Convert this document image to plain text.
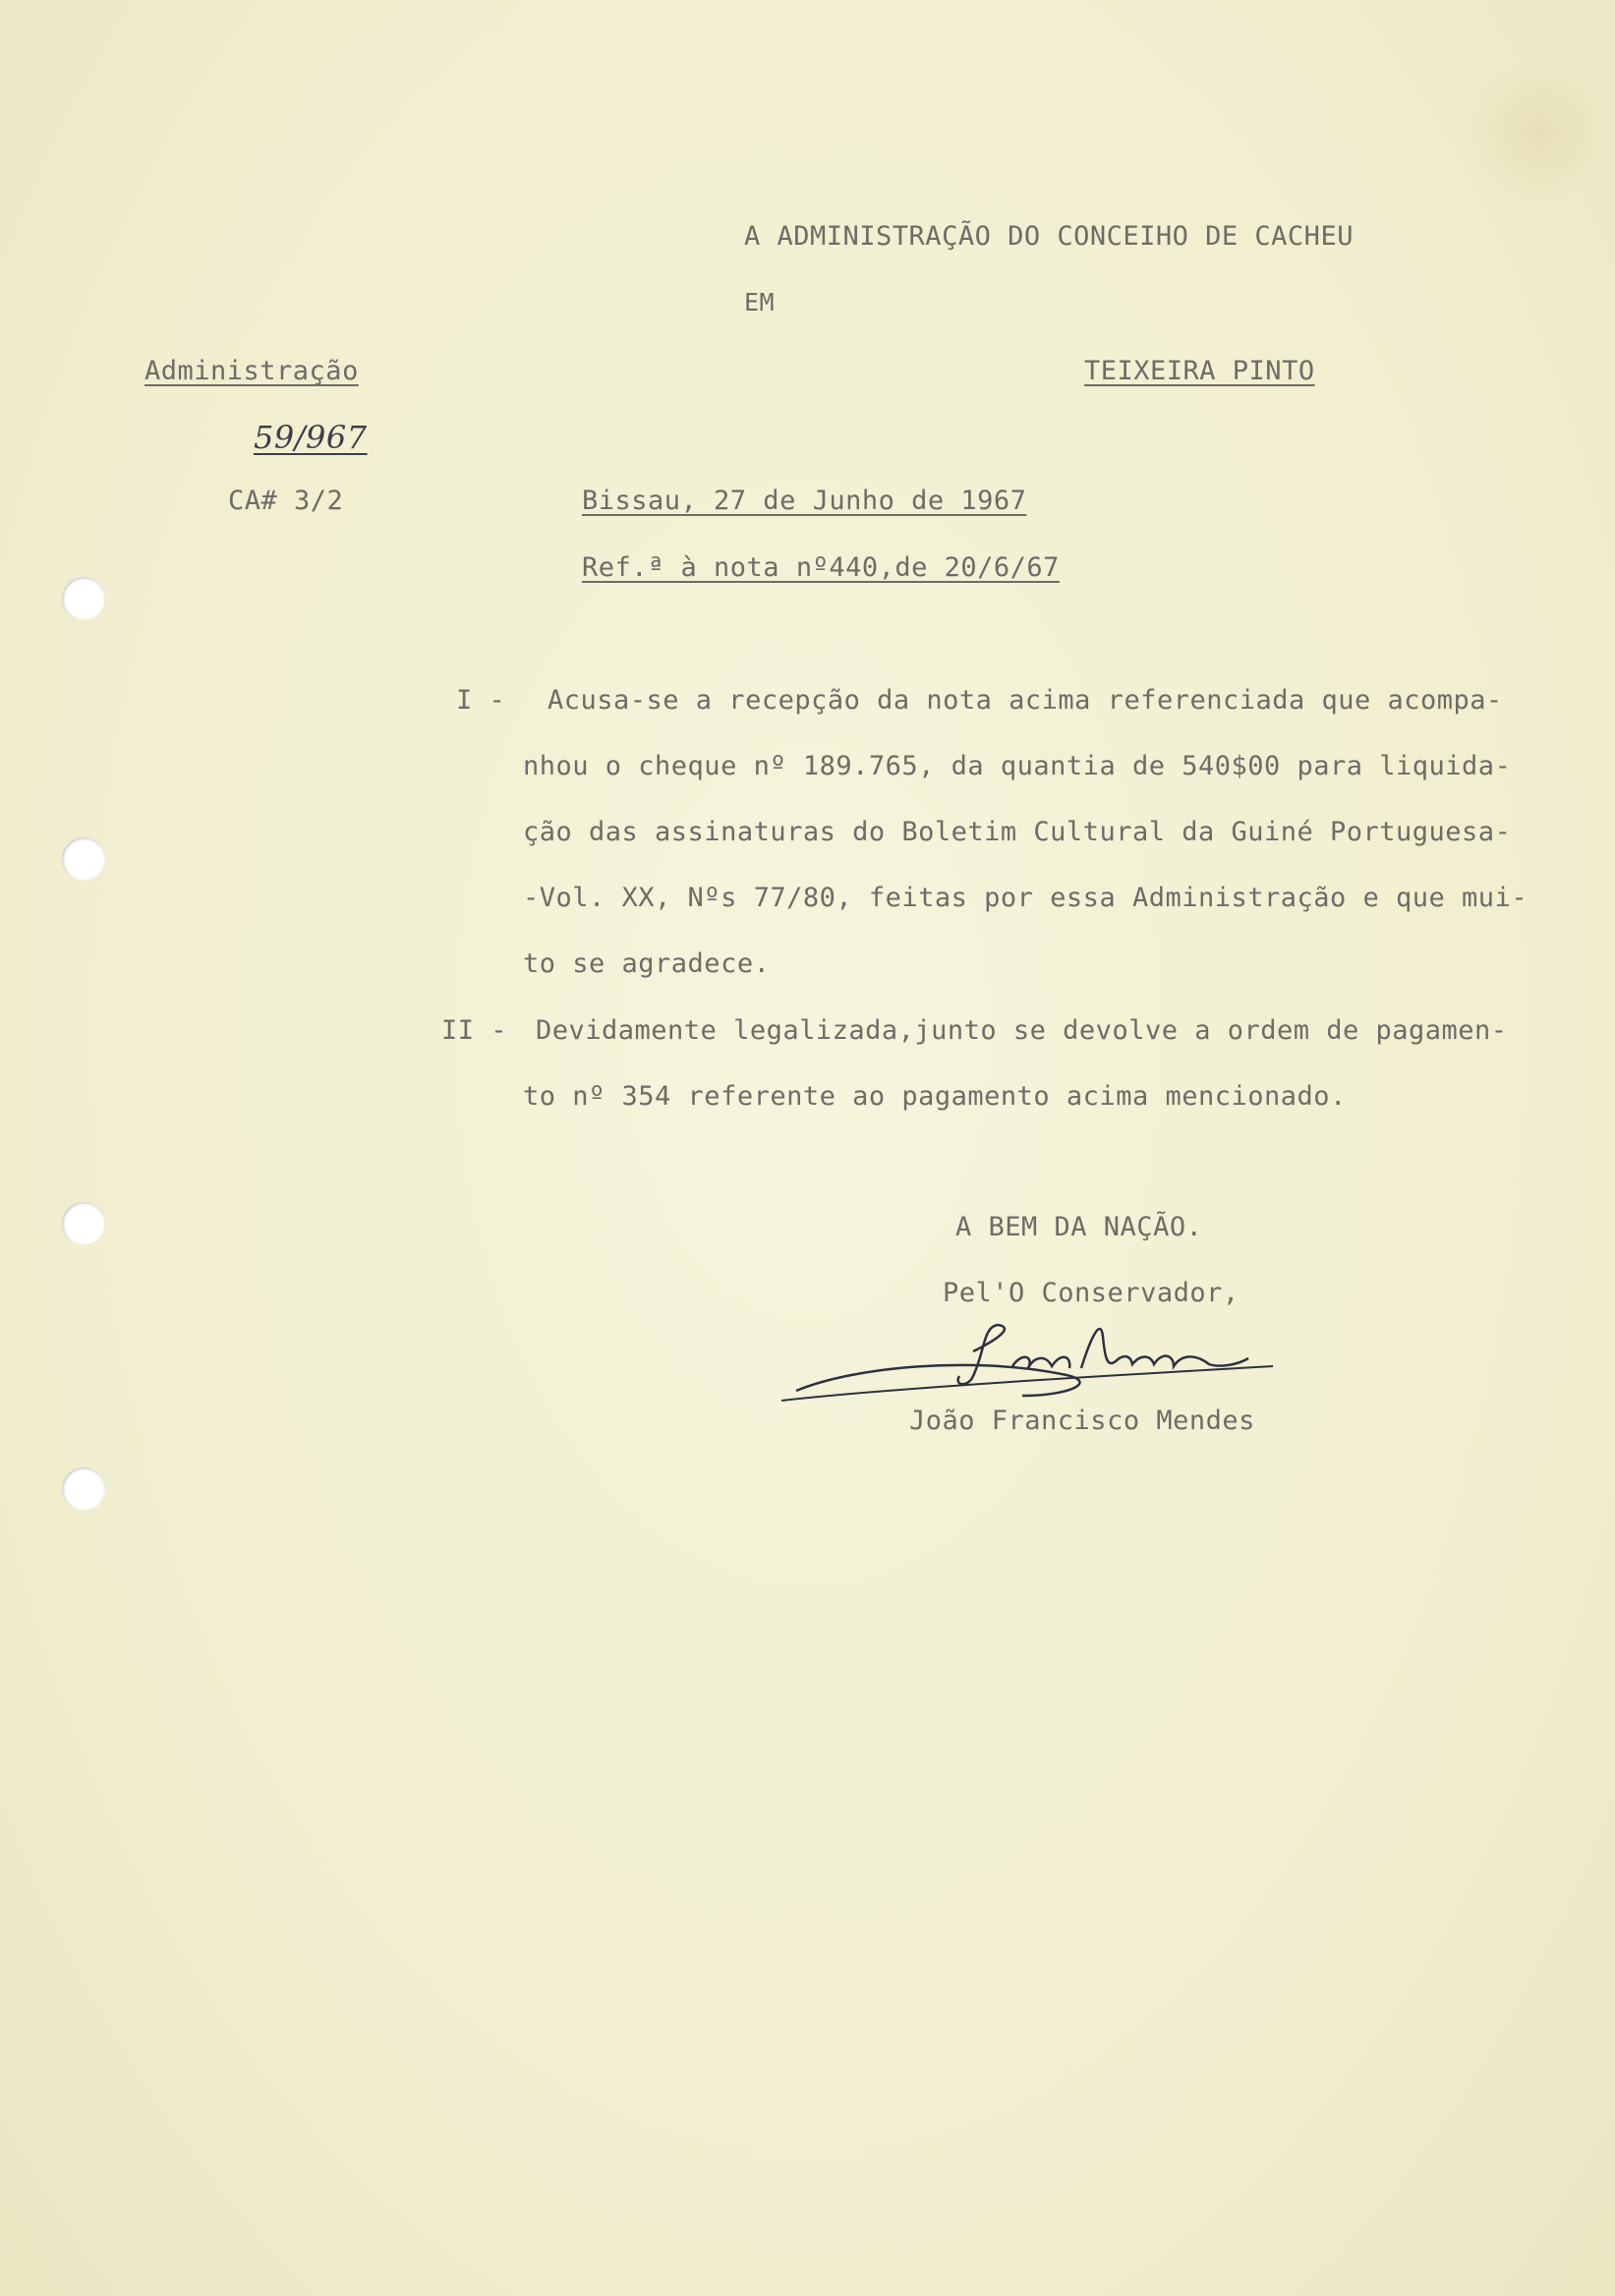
A ADMINISTRAÇÃO DO CONCEIHO DE CACHEU
EM
Administração	TEIXEIRA PINTO
59/967
CA# 3/2	Bissau, 27 de Junho de 1967
Ref.ª à nota nº440,de 20/6/67
I - Acusa-se a recepção da nota acima referenciada que acompa-
nhou o cheque nº 189.765, da quantia de 540$00 para liquida-
ção das assinaturas do Boletim Cultural da Guiné Portuguesa-
-Vol. XX, Nºs 77/80, feitas por essa Administração e que mui-
to se agradece.
II - Devidamente legalizada,junto se devolve a ordem de pagamen-
to nº 354 referente ao pagamento acima mencionado.
A BEM DA NAÇÃO.
Pel'O Conservador,
João Francisco Mendes
